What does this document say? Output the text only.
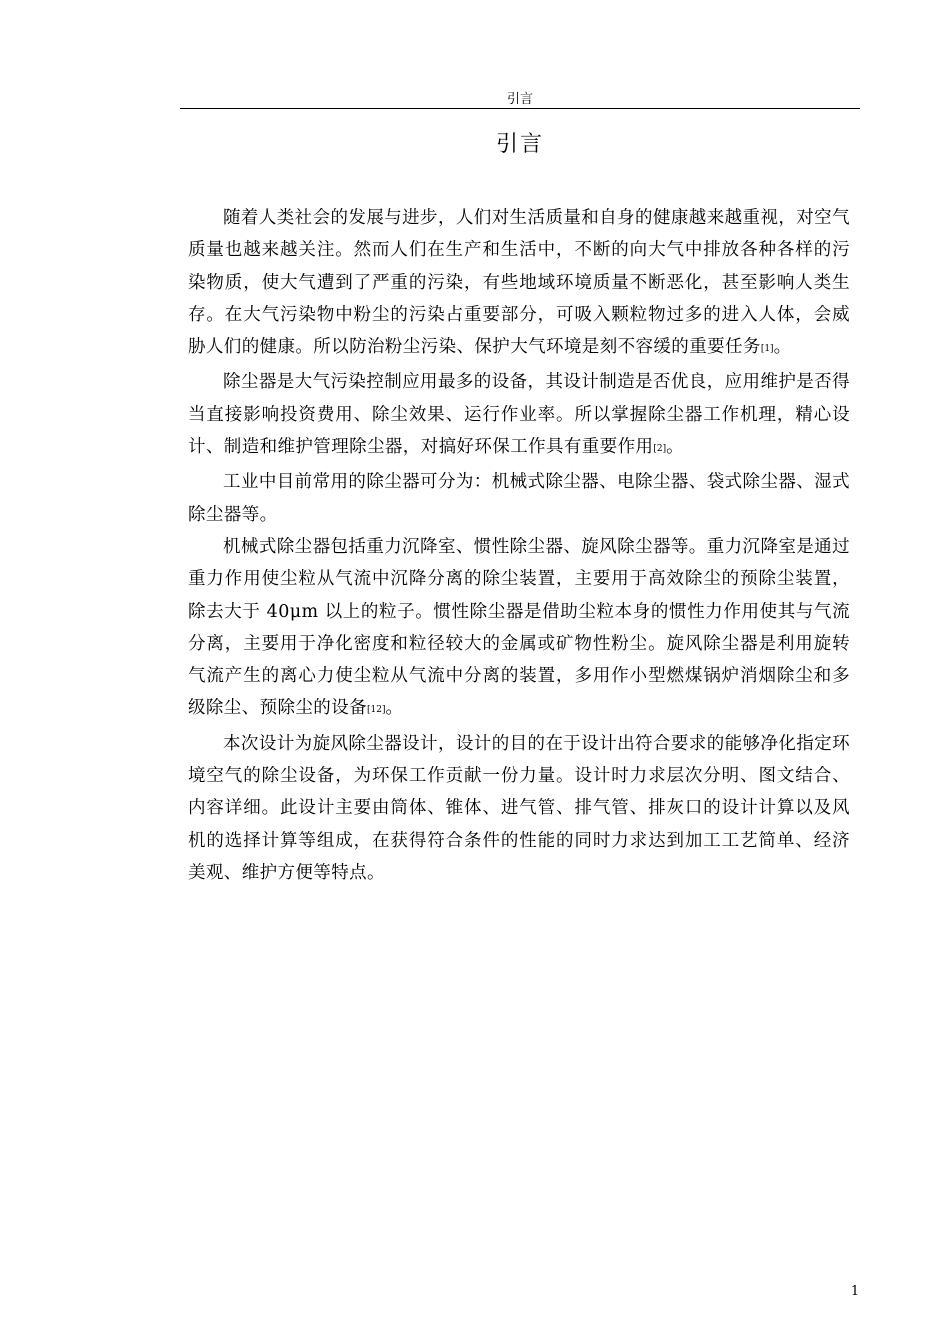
引言
引言

随着人类社会的发展与进步，人们对生活质量和自身的健康越来越重视，对空气质量也越来越关注。然而人们在生产和生活中，不断的向大气中排放各种各样的污染物质，使大气遭到了严重的污染，有些地域环境质量不断恶化，甚至影响人类生存。在大气污染物中粉尘的污染占重要部分，可吸入颗粒物过多的进入人体，会威胁人们的健康。所以防治粉尘污染、保护大气环境是刻不容缓的重要任务[1]。

除尘器是大气污染控制应用最多的设备，其设计制造是否优良，应用维护是否得当直接影响投资费用、除尘效果、运行作业率。所以掌握除尘器工作机理，精心设计、制造和维护管理除尘器，对搞好环保工作具有重要作用[2]。

工业中目前常用的除尘器可分为：机械式除尘器、电除尘器、袋式除尘器、湿式除尘器等。

机械式除尘器包括重力沉降室、惯性除尘器、旋风除尘器等。重力沉降室是通过重力作用使尘粒从气流中沉降分离的除尘装置，主要用于高效除尘的预除尘装置，除去大于 40μm 以上的粒子。惯性除尘器是借助尘粒本身的惯性力作用使其与气流分离，主要用于净化密度和粒径较大的金属或矿物性粉尘。旋风除尘器是利用旋转气流产生的离心力使尘粒从气流中分离的装置，多用作小型燃煤锅炉消烟除尘和多级除尘、预除尘的设备[12]。

本次设计为旋风除尘器设计，设计的目的在于设计出符合要求的能够净化指定环境空气的除尘设备，为环保工作贡献一份力量。设计时力求层次分明、图文结合、内容详细。此设计主要由筒体、锥体、进气管、排气管、排灰口的设计计算以及风机的选择计算等组成，在获得符合条件的性能的同时力求达到加工工艺简单、经济美观、维护方便等特点。

1
